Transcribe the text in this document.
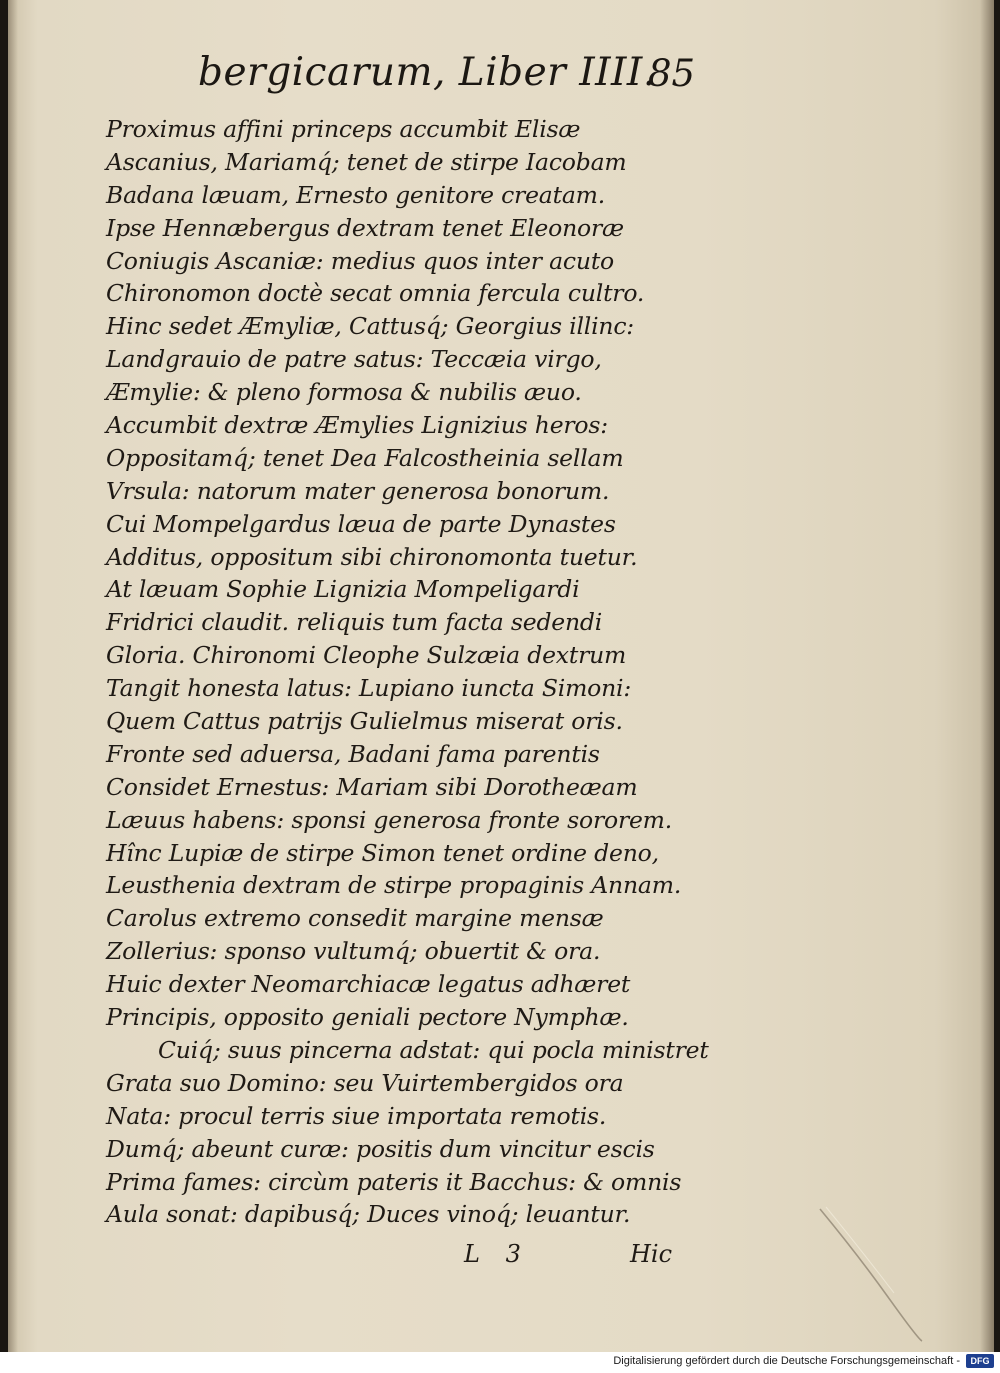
bergicarum, Liber IIII.
85
Proximus affini princeps accumbit Elisæ
Ascanius, Mariamq́; tenet de stirpe Iacobam
Badana læuam, Ernesto genitore creatam.
Ipse Hennæbergus dextram tenet Eleonoræ
Coniugis Ascaniæ: medius quos inter acuto
Chironomon doctè secat omnia fercula cultro.
Hinc sedet Æmyliæ, Cattusq́; Georgius illinc:
Landgrauio de patre satus: Teccæia virgo,
Æmylie: & pleno formosa & nubilis æuo.
Accumbit dextræ Æmylies Lignizius heros:
Oppositamq́; tenet Dea Falcostheinia sellam
Vrsula: natorum mater generosa bonorum.
Cui Mompelgardus læua de parte Dynastes
Additus, oppositum sibi chironomonta tuetur.
At læuam Sophie Lignizia Mompeligardi
Fridrici claudit. reliquis tum facta sedendi
Gloria. Chironomi Cleophe Sulzæia dextrum
Tangit honesta latus: Lupiano iuncta Simoni:
Quem Cattus patrijs Gulielmus miserat oris.
Fronte sed aduersa, Badani fama parentis
Considet Ernestus: Mariam sibi Dorotheæam
Læuus habens: sponsi generosa fronte sororem.
Hînc Lupiæ de stirpe Simon tenet ordine deno,
Leusthenia dextram de stirpe propaginis Annam.
Carolus extremo consedit margine mensæ
Zollerius: sponso vultumq́; obuertit & ora.
Huic dexter Neomarchiacæ legatus adhæret
Principis, opposito geniali pectore Nymphæ.
Cuiq́; suus pincerna adstat: qui pocla ministret
Grata suo Domino: seu Vuirtembergidos ora
Nata: procul terris siue importata remotis.
Dumq́; abeunt curæ: positis dum vincitur escis
Prima fames: circùm pateris it Bacchus: & omnis
Aula sonat: dapibusq́; Duces vinoq́; leuantur.
L 3	Hic
Digitalisierung gefördert durch die Deutsche Forschungsgemeinschaft -	DFG
